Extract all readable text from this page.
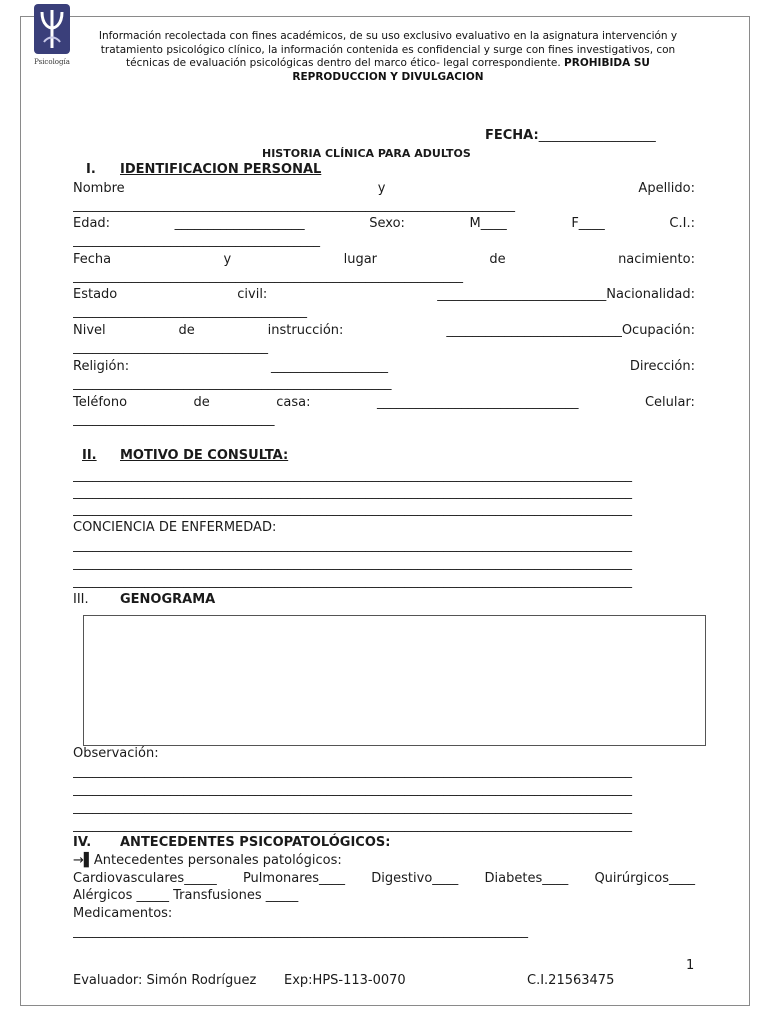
Psicología
Información recolectada con fines académicos, de su uso exclusivo evaluativo en la asignatura intervención y tratamiento psicológico clínico, la información contenida es confidencial y surge con fines investigativos, con técnicas de evaluación psicológicas dentro del marco ético- legal correspondiente. PROHIBIDA SU REPRODUCCION Y DIVULGACION
FECHA:__________________
HISTORIA CLÍNICA PARA ADULTOS
I. IDENTIFICACION PERSONAL
Nombre	y	Apellido:
____________________________________________________________________
Edad:	____________________	Sexo:	M____	F____	C.I.:
______________________________________
Fecha	y	lugar	de	nacimiento:
____________________________________________________________
Estado	civil:	__________________________Nacionalidad:
____________________________________
Nivel	de	instrucción:	___________________________Ocupación:
______________________________
Religión:	__________________	Dirección:
_________________________________________________
Teléfono	de	casa:	_______________________________	Celular:
_______________________________
II. MOTIVO DE CONSULTA:
______________________________________________________________________________________
______________________________________________________________________________________
______________________________________________________________________________________
CONCIENCIA DE ENFERMEDAD:
______________________________________________________________________________________
______________________________________________________________________________________
______________________________________________________________________________________
III. GENOGRAMA
Observación:
______________________________________________________________________________________
______________________________________________________________________________________
______________________________________________________________________________________
______________________________________________________________________________________
IV. ANTECEDENTES PSICOPATOLÓGICOS:
→▌Antecedentes personales patológicos:
Cardiovasculares_____ Pulmonares____ Digestivo____ Diabetes____ Quirúrgicos____
Alérgicos _____ Transfusiones _____
Medicamentos:
______________________________________________________________________
1
Evaluador: Simón Rodríguez Exp:HPS-113-0070	C.I.21563475
